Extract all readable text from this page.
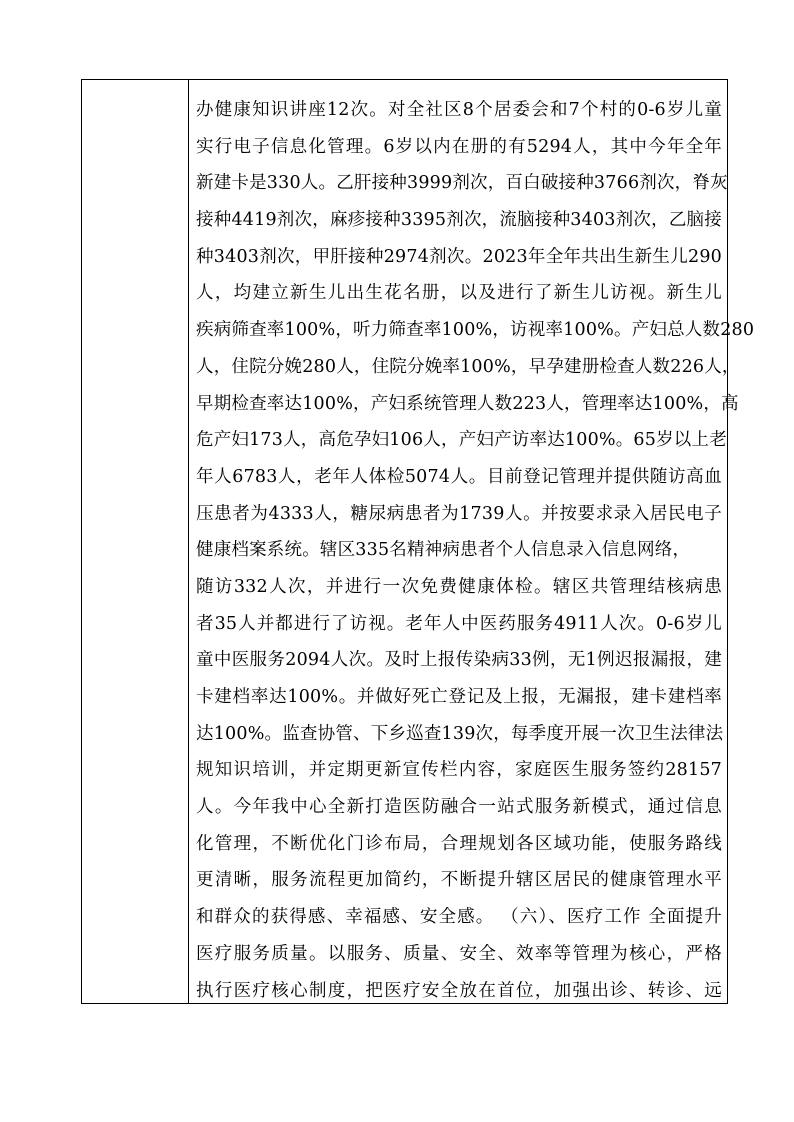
办健康知识讲座12次。对全社区8个居委会和7个村的0-6岁儿童
实行电子信息化管理。6岁以内在册的有5294人，其中今年全年
新建卡是330人。乙肝接种3999剂次，百白破接种3766剂次，脊灰
接种4419剂次，麻疹接种3395剂次，流脑接种3403剂次，乙脑接
种3403剂次，甲肝接种2974剂次。2023年全年共出生新生儿290
人，均建立新生儿出生花名册，以及进行了新生儿访视。新生儿
疾病筛查率100%，听力筛查率100%，访视率100%。产妇总人数280
人，住院分娩280人，住院分娩率100%，早孕建册检查人数226人，
早期检查率达100%，产妇系统管理人数223人，管理率达100%，高
危产妇173人，高危孕妇106人，产妇产访率达100%。65岁以上老
年人6783人，老年人体检5074人。目前登记管理并提供随访高血
压患者为4333人，糖尿病患者为1739人。并按要求录入居民电子
健康档案系统。辖区335名精神病患者个人信息录入信息网络，
随访332人次，并进行一次免费健康体检。辖区共管理结核病患
者35人并都进行了访视。老年人中医药服务4911人次。0-6岁儿
童中医服务2094人次。及时上报传染病33例，无1例迟报漏报，建
卡建档率达100%。并做好死亡登记及上报，无漏报，建卡建档率
达100%。监查协管、下乡巡查139次，每季度开展一次卫生法律法
规知识培训，并定期更新宣传栏内容，家庭医生服务签约28157
人。今年我中心全新打造医防融合一站式服务新模式，通过信息
化管理，不断优化门诊布局，合理规划各区域功能，使服务路线
更清晰，服务流程更加简约，不断提升辖区居民的健康管理水平
和群众的获得感、幸福感、安全感。 （六）、医疗工作 全面提升
医疗服务质量。以服务、质量、安全、效率等管理为核心，严格
执行医疗核心制度，把医疗安全放在首位，加强出诊、转诊、远
